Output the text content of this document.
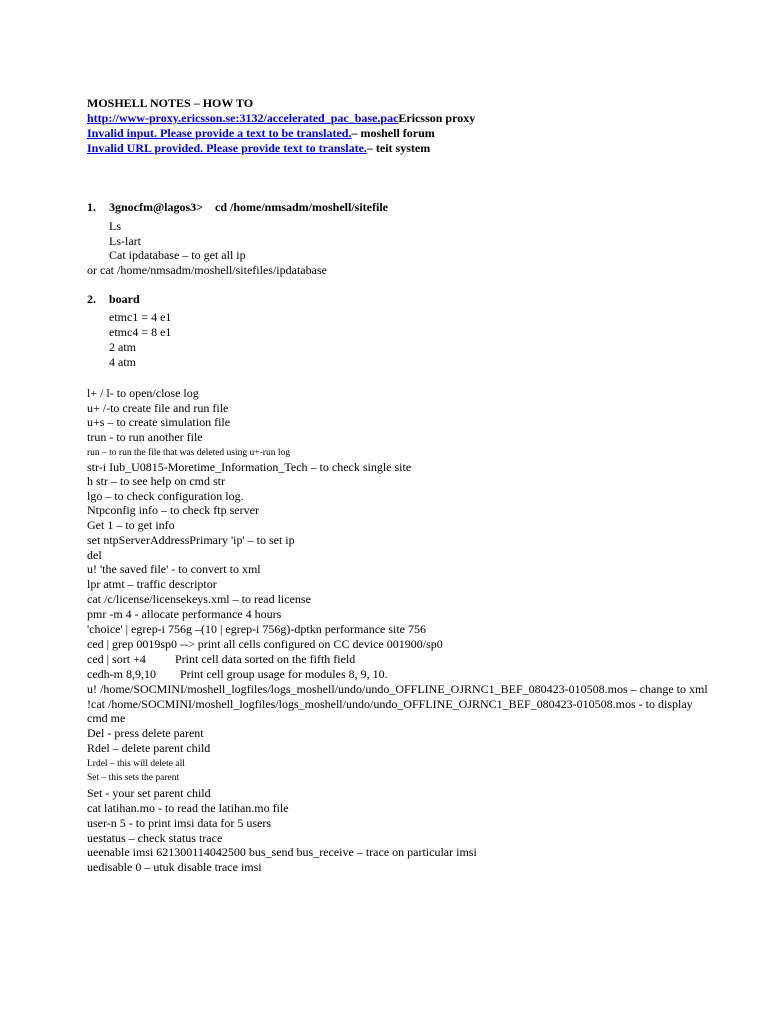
MOSHELL NOTES – HOW TO
http://www-proxy.ericsson.se:3132/accelerated_pac_base.pacEricsson proxy
Invalid input. Please provide a text to be translated.– moshell forum
Invalid URL provided. Please provide text to translate.– teit system
1. 3gnocfm@lagos3> cd /home/nmsadm/moshell/sitefile
Ls
Ls-lart
Cat ipdatabase – to get all ip
or cat /home/nmsadm/moshell/sitefiles/ipdatabase
2. board
etmc1 = 4 e1
etmc4 = 8 e1
2 atm
4 atm
l+ / l- to open/close log
u+ /-to create file and run file
u+s – to create simulation file
trun - to run another file
run – to run the file that was deleted using u+-run log
str-i Iub_U0815-Moretime_Information_Tech – to check single site
h str – to see help on cmd str
lgo – to check configuration log.
Ntpconfig info – to check ftp server
Get 1 – to get info
set ntpServerAddressPrimary 'ip' – to set ip
del
u! 'the saved file' - to convert to xml
lpr atmt – traffic descriptor
cat /c/license/licensekeys.xml – to read license
pmr -m 4 - allocate performance 4 hours
'choice' | egrep-i 756g –(10 | egrep-i 756g)-dptkn performance site 756
ced | grep 0019sp0 --> print all cells configured on CC device 001900/sp0
ced | sort +4 Print cell data sorted on the fifth field
cedh-m 8,9,10 Print cell group usage for modules 8, 9, 10.
u! /home/SOCMINI/moshell_logfiles/logs_moshell/undo/undo_OFFLINE_OJRNC1_BEF_080423-010508.mos – change to xml
!cat /home/SOCMINI/moshell_logfiles/logs_moshell/undo/undo_OFFLINE_OJRNC1_BEF_080423-010508.mos - to display
cmd me
Del - press delete parent
Rdel – delete parent child
Lrdel – this will delete all
Set – this sets the parent
Set - your set parent child
cat latihan.mo - to read the latihan.mo file
user-n 5 - to print imsi data for 5 users
uestatus – check status trace
ueenable imsi 621300114042500 bus_send bus_receive – trace on particular imsi
uedisable 0 – utuk disable trace imsi
